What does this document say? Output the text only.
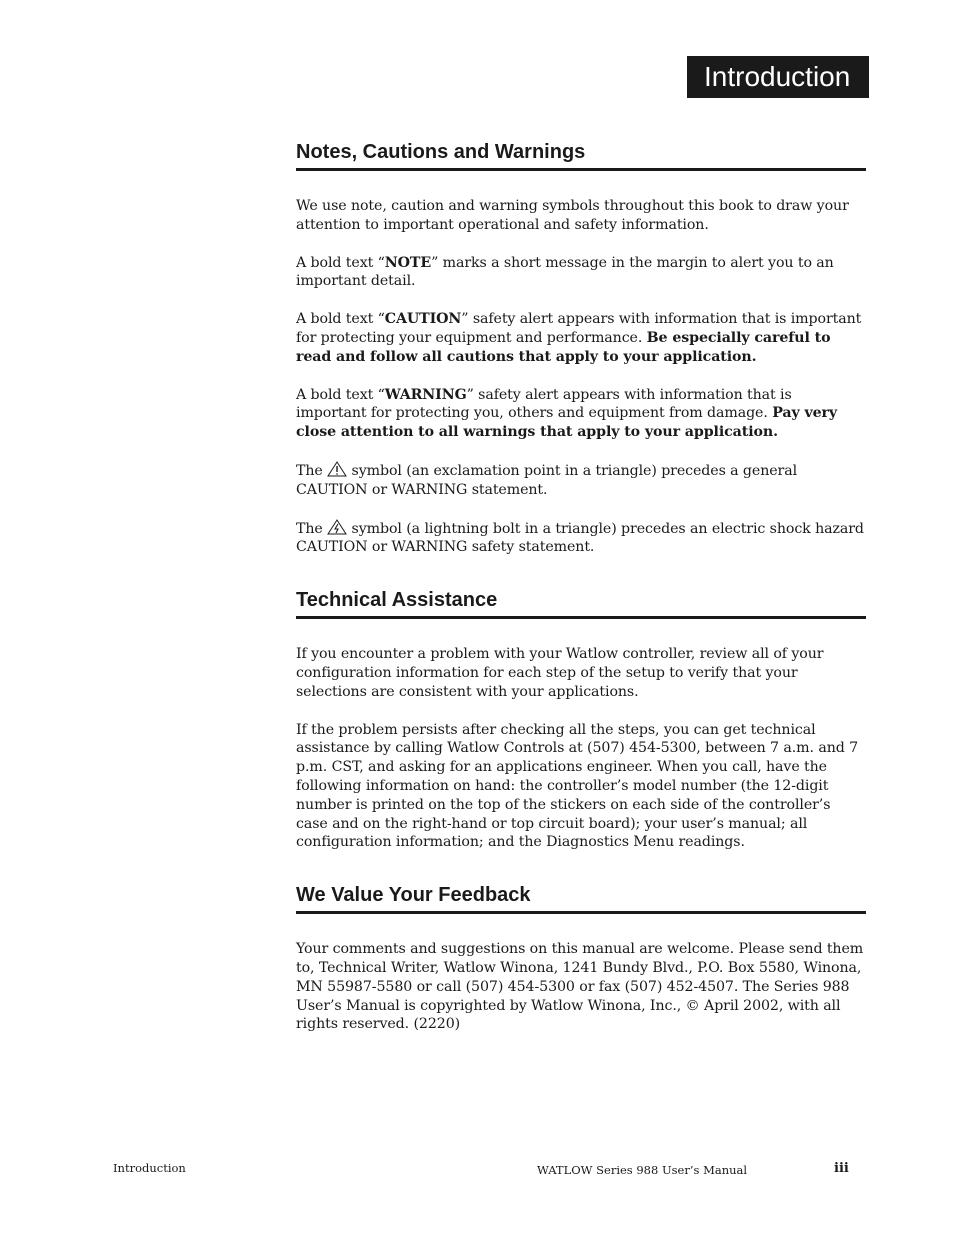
Introduction
Notes, Cautions and Warnings

We use note, caution and warning symbols throughout this book to draw your attention to important operational and safety information.

A bold text “NOTE” marks a short message in the margin to alert you to an important detail.

A bold text “CAUTION” safety alert appears with information that is important for protecting your equipment and performance. Be especially careful to read and follow all cautions that apply to your application.

A bold text “WARNING” safety alert appears with information that is important for protecting you, others and equipment from damage. Pay very close attention to all warnings that apply to your application.

The  symbol (an exclamation point in a triangle) precedes a general CAUTION or WARNING statement.

The  symbol (a lightning bolt in a triangle) precedes an electric shock hazard CAUTION or WARNING safety statement.

Technical Assistance

If you encounter a problem with your Watlow controller, review all of your configuration information for each step of the setup to verify that your selections are consistent with your applications.

If the problem persists after checking all the steps, you can get technical assistance by calling Watlow Controls at (507) 454-5300, between 7 a.m. and 7 p.m. CST, and asking for an applications engineer. When you call, have the following information on hand: the controller’s model number (the 12-digit number is printed on the top of the stickers on each side of the controller’s case and on the right-hand or top circuit board); your user’s manual; all configuration information; and the Diagnostics Menu readings.

We Value Your Feedback

Your comments and suggestions on this manual are welcome. Please send them to, Technical Writer, Watlow Winona, 1241 Bundy Blvd., P.O. Box 5580, Winona, MN 55987-5580 or call (507) 454-5300 or fax (507) 452-4507. The Series 988 User’s Manual is copyrighted by Watlow Winona, Inc., © April 2002, with all rights reserved. (2220)

Introduction	WATLOW Series 988 User’s Manual	iii
